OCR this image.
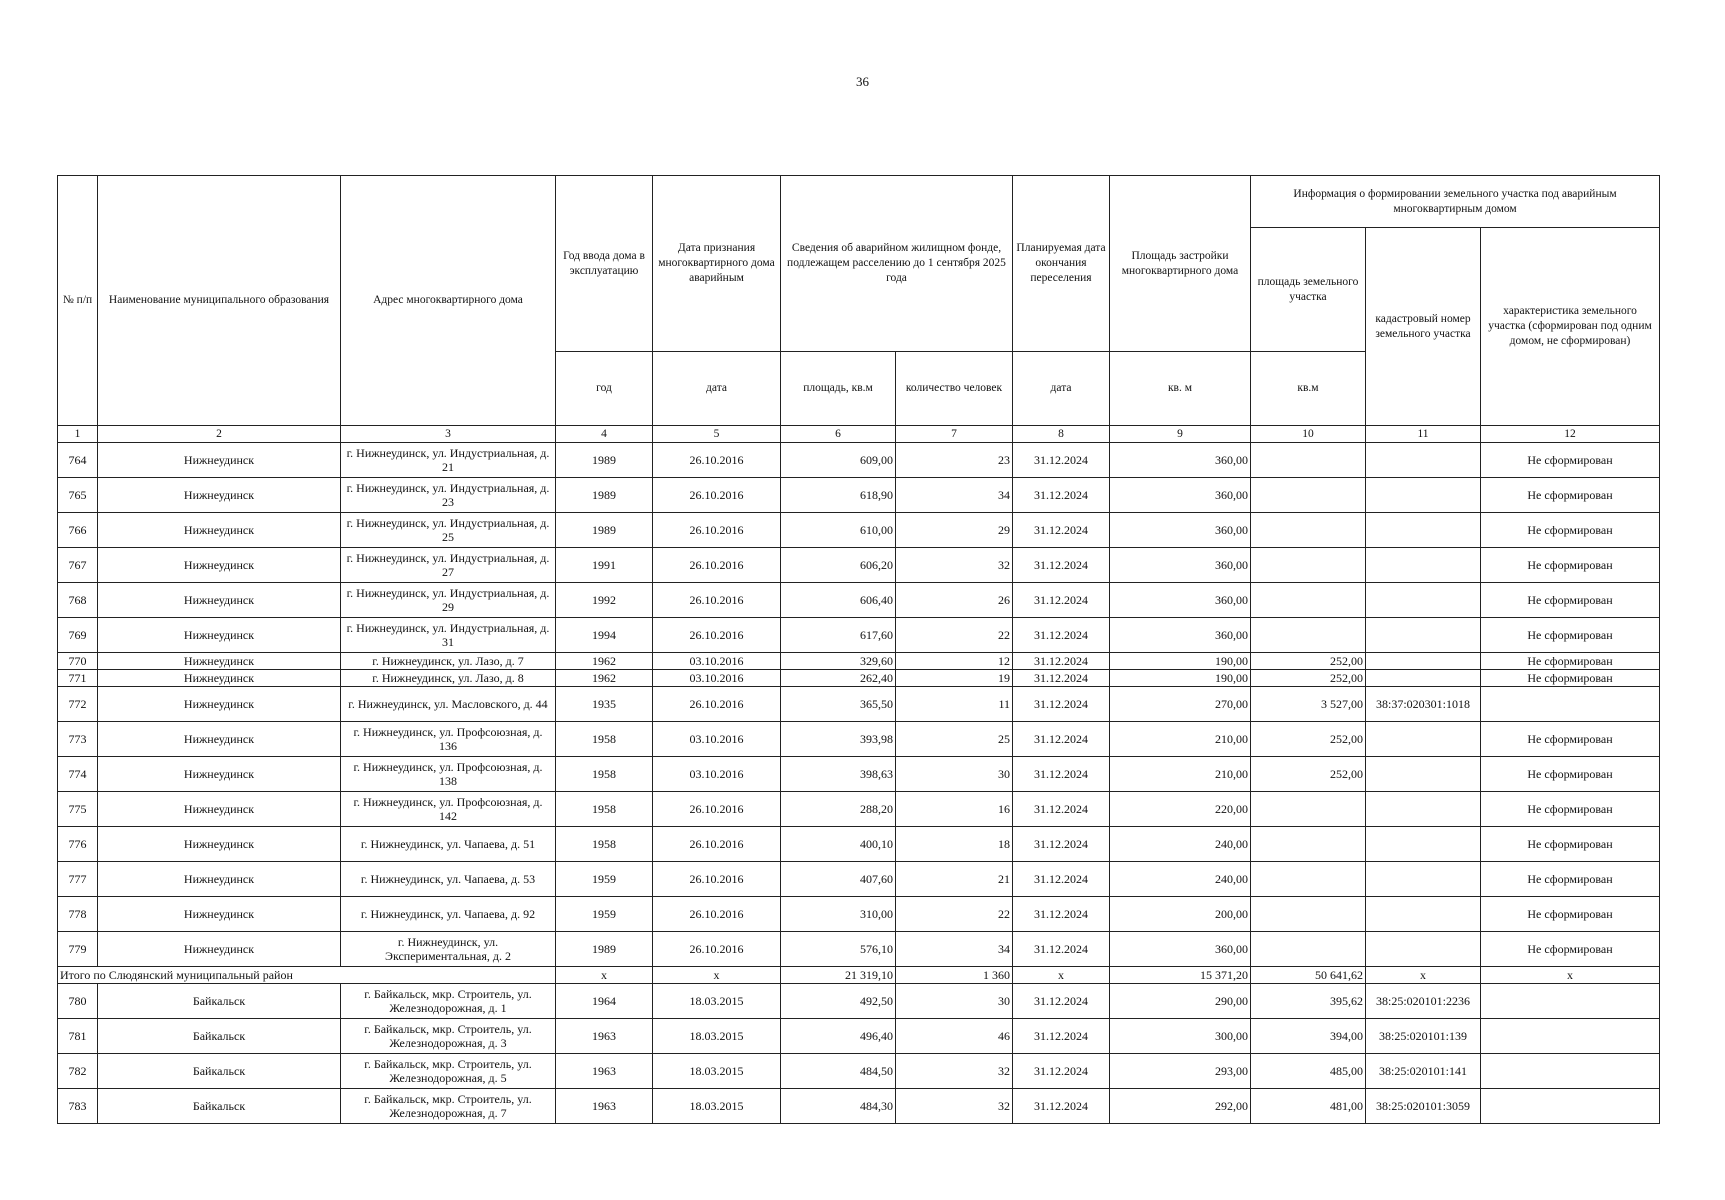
36
№ п/п	Наименование муниципального образования	Адрес многоквартирного дома	Год ввода дома в эксплуатацию	Дата признания многоквартирного дома аварийным	Сведения об аварийном жилищном фонде, подлежащем расселению до 1 сентября 2025 года		Планируемая дата окончания переселения	Площадь застройки многоквартирного дома	Информация о формировании земельного участка под аварийным многоквартирным домом		
									площадь земельного участка	кадастровый номер земельного участка	характеристика земельного участка (сформирован под одним домом, не сформирован)
			год	дата	площадь, кв.м	количество человек	дата	кв. м	кв.м		
1	2	3	4	5	6	7	8	9	10	11	12
764	Нижнеудинск	г. Нижнеудинск, ул. Индустриальная, д. 21	1989	26.10.2016	609,00	23	31.12.2024	360,00			Не сформирован
765	Нижнеудинск	г. Нижнеудинск, ул. Индустриальная, д. 23	1989	26.10.2016	618,90	34	31.12.2024	360,00			Не сформирован
766	Нижнеудинск	г. Нижнеудинск, ул. Индустриальная, д. 25	1989	26.10.2016	610,00	29	31.12.2024	360,00			Не сформирован
767	Нижнеудинск	г. Нижнеудинск, ул. Индустриальная, д. 27	1991	26.10.2016	606,20	32	31.12.2024	360,00			Не сформирован
768	Нижнеудинск	г. Нижнеудинск, ул. Индустриальная, д. 29	1992	26.10.2016	606,40	26	31.12.2024	360,00			Не сформирован
769	Нижнеудинск	г. Нижнеудинск, ул. Индустриальная, д. 31	1994	26.10.2016	617,60	22	31.12.2024	360,00			Не сформирован
770	Нижнеудинск	г. Нижнеудинск, ул. Лазо, д. 7	1962	03.10.2016	329,60	12	31.12.2024	190,00	252,00		Не сформирован
771	Нижнеудинск	г. Нижнеудинск, ул. Лазо, д. 8	1962	03.10.2016	262,40	19	31.12.2024	190,00	252,00		Не сформирован
772	Нижнеудинск	г. Нижнеудинск, ул. Масловского, д. 44	1935	26.10.2016	365,50	11	31.12.2024	270,00	3 527,00	38:37:020301:1018	
773	Нижнеудинск	г. Нижнеудинск, ул. Профсоюзная, д. 136	1958	03.10.2016	393,98	25	31.12.2024	210,00	252,00		Не сформирован
774	Нижнеудинск	г. Нижнеудинск, ул. Профсоюзная, д. 138	1958	03.10.2016	398,63	30	31.12.2024	210,00	252,00		Не сформирован
775	Нижнеудинск	г. Нижнеудинск, ул. Профсоюзная, д. 142	1958	26.10.2016	288,20	16	31.12.2024	220,00			Не сформирован
776	Нижнеудинск	г. Нижнеудинск, ул. Чапаева, д. 51	1958	26.10.2016	400,10	18	31.12.2024	240,00			Не сформирован
777	Нижнеудинск	г. Нижнеудинск, ул. Чапаева, д. 53	1959	26.10.2016	407,60	21	31.12.2024	240,00			Не сформирован
778	Нижнеудинск	г. Нижнеудинск, ул. Чапаева, д. 92	1959	26.10.2016	310,00	22	31.12.2024	200,00			Не сформирован
779	Нижнеудинск	г. Нижнеудинск, ул. Экспериментальная, д. 2	1989	26.10.2016	576,10	34	31.12.2024	360,00			Не сформирован
Итого по Слюдянский муниципальный район			x	x	21 319,10	1 360	x	15 371,20	50 641,62	x	x
780	Байкальск	г. Байкальск, мкр. Строитель, ул. Железнодорожная, д. 1	1964	18.03.2015	492,50	30	31.12.2024	290,00	395,62	38:25:020101:2236	
781	Байкальск	г. Байкальск, мкр. Строитель, ул. Железнодорожная, д. 3	1963	18.03.2015	496,40	46	31.12.2024	300,00	394,00	38:25:020101:139	
782	Байкальск	г. Байкальск, мкр. Строитель, ул. Железнодорожная, д. 5	1963	18.03.2015	484,50	32	31.12.2024	293,00	485,00	38:25:020101:141	
783	Байкальск	г. Байкальск, мкр. Строитель, ул. Железнодорожная, д. 7	1963	18.03.2015	484,30	32	31.12.2024	292,00	481,00	38:25:020101:3059	
